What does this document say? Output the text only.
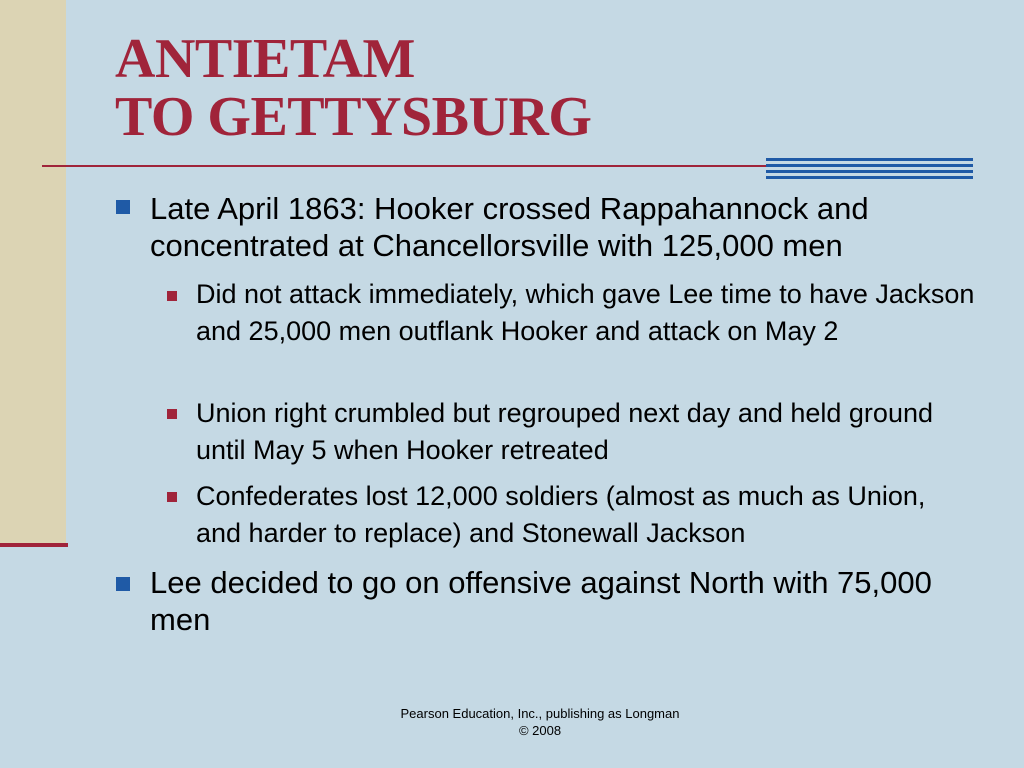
ANTIETAM
TO GETTYSBURG
Late April 1863: Hooker crossed Rappahannock and concentrated at Chancellorsville with 125,000 men
Did not attack immediately, which gave Lee time to have Jackson and 25,000 men outflank Hooker and attack on May 2
Union right crumbled but regrouped next day and held ground until May 5 when Hooker retreated
Confederates lost 12,000 soldiers (almost as much as Union, and harder to replace) and Stonewall Jackson
Lee decided to go on offensive against North with 75,000 men
Pearson Education, Inc., publishing as Longman
© 2008
